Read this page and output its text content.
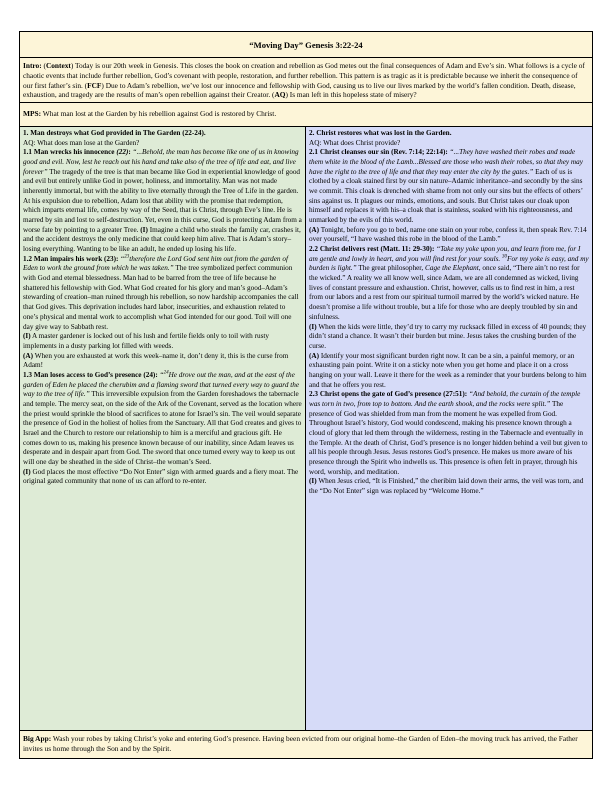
“Moving Day” Genesis 3:22-24
Intro: (Context) Today is our 20th week in Genesis. This closes the book on creation and rebellion as God metes out the final consequences of Adam and Eve’s sin. What follows is a cycle of chaotic events that include further rebellion, God’s covenant with people, restoration, and further rebellion. This pattern is as tragic as it is predictable because we inherit the consequence of our first father’s sin. (FCF) Due to Adam’s rebellion, we’ve lost our innocence and fellowship with God, causing us to live our lives marked by the world’s fallen condition. Death, disease, exhaustion, and tragedy are the results of man’s open rebellion against their Creator. (AQ) Is man left in this hopeless state of misery?
MPS: What man lost at the Garden by his rebellion against God is restored by Christ.

1. Man destroys what God provided in The Garden (22-24).

AQ: What does man lose at the Garden?

1.1 Man wrecks his innocence (22): “...Behold, the man has become like one of us in knowing good and evil. Now, lest he reach out his hand and take also of the tree of life and eat, and live forever” The tragedy of the tree is that man became like God in experiential knowledge of good and evil but entirely unlike God in power, holiness, and immortality. Man was not made inherently immortal, but with the ability to live eternally through the Tree of Life in the garden. At his expulsion due to rebellion, Adam lost that ability with the promise that redemption, which imparts eternal life, comes by way of the Seed, that is Christ, through Eve’s line. He is marred by sin and lost to self-destruction. Yet, even in this curse, God is protecting Adam from a worse fate by pointing to a greater Tree. (I) Imagine a child who steals the family car, crashes it, and the accident destroys the only medicine that could keep him alive. That is Adam’s story–losing everything. Wanting to be like an adult, he ended up losing his life.

1.2 Man impairs his work (23): “$^{23}$therefore the Lord God sent him out from the garden of Eden to work the ground from which he was taken.” The tree symbolized perfect communion with God and eternal blessedness. Man had to be barred from the tree of life because he shattered his fellowship with God. What God created for his glory and man’s good–Adam’s stewarding of creation–man ruined through his rebellion, so now hardship accompanies the call that God gives. This deprivation includes hard labor, insecurities, and exhaustion related to one’s physical and mental work to accomplish what God intended for our good. Toil will one day give way to Sabbath rest.
(I) A master gardener is locked out of his lush and fertile fields only to toil with rusty implements in a dusty parking lot filled with weeds.
(A) When you are exhausted at work this week–name it, don’t deny it, this is the curse from Adam!

1.3 Man loses access to God’s presence (24): “$^{24}$He drove out the man, and at the east of the garden of Eden he placed the cherubim and a flaming sword that turned every way to guard the way to the tree of life.” This irreversible expulsion from the Garden foreshadows the tabernacle and temple. The mercy seat, on the side of the Ark of the Covenant, served as the location where the priest would sprinkle the blood of sacrifices to atone for Israel’s sin. The veil would separate the presence of God in the holiest of holies from the Sanctuary. All that God creates and gives to Israel and the Church to restore our relationship to him is a merciful and gracious gift. He comes down to us, making his presence known because of our inability, since Adam leaves us desperate and in despair apart from God. The sword that once turned every way to keep us out will one day be sheathed in the side of Christ–the woman’s Seed.
(I) God places the most effective “Do Not Enter” sign with armed guards and a fiery moat. The original gated community that none of us can afford to re-enter.

2. Christ restores what was lost in the Garden.

AQ: What does Christ provide?

2.1 Christ cleanses our sin (Rev. 7:14; 22:14): “...They have washed their robes and made them white in the blood of the Lamb...Blessed are those who wash their robes, so that they may have the right to the tree of life and that they may enter the city by the gates.” Each of us is clothed by a cloak stained first by our sin nature–Adamic inheritance–and secondly by the sins we commit. This cloak is drenched with shame from not only our sins but the effects of others’ sins against us. It plagues our minds, emotions, and souls. But Christ takes our cloak upon himself and replaces it with his–a cloak that is stainless, soaked with his righteousness, and unmarked by the evils of this world.
(A) Tonight, before you go to bed, name one stain on your robe, confess it, then speak Rev. 7:14 over yourself, “I have washed this robe in the blood of the Lamb.”

2.2 Christ delivers rest (Matt. 11: 29-30): “Take my yoke upon you, and learn from me, for I am gentle and lowly in heart, and you will find rest for your souls. $^{30}$For my yoke is easy, and my burden is light.” The great philosopher, Cage the Elephant, once said, “There ain’t no rest for the wicked.” A reality we all know well, since Adam, we are all condemned as wicked, living lives of constant pressure and exhaustion. Christ, however, calls us to find rest in him, a rest from our labors and a rest from our spiritual turmoil marred by the world’s wicked nature. He doesn’t promise a life without trouble, but a life for those who are deeply troubled by sin and sinfulness.
(I) When the kids were little, they’d try to carry my rucksack filled in excess of 40 pounds; they didn’t stand a chance. It wasn’t their burden but mine. Jesus takes the crushing burden of the curse.
(A) Identify your most significant burden right now. It can be a sin, a painful memory, or an exhausting pain point. Write it on a sticky note when you get home and place it on a cross hanging on your wall. Leave it there for the week as a reminder that your burdens belong to him and that he offers you rest.

2.3 Christ opens the gate of God’s presence (27:51): “And behold, the curtain of the temple was torn in two, from top to bottom. And the earth shook, and the rocks were split.” The presence of God was shielded from man from the moment he was expelled from God. Throughout Israel’s history, God would condescend, making his presence known through a cloud of glory that led them through the wilderness, resting in the Tabernacle and eventually in the Temple. At the death of Christ, God’s presence is no longer hidden behind a veil but given to all his people through Jesus. Jesus restores God’s presence. He makes us more aware of his presence through the Spirit who indwells us. This presence is often felt in prayer, through his word, worship, and meditation.
(I) When Jesus cried, “It is Finished,” the cheribim laid down their arms, the veil was torn, and the “Do Not Enter” sign was replaced by “Welcome Home.”

Big App: Wash your robes by taking Christ’s yoke and entering God’s presence. Having been evicted from our original home–the Garden of Eden–the moving truck has arrived, the Father invites us home through the Son and by the Spirit.
